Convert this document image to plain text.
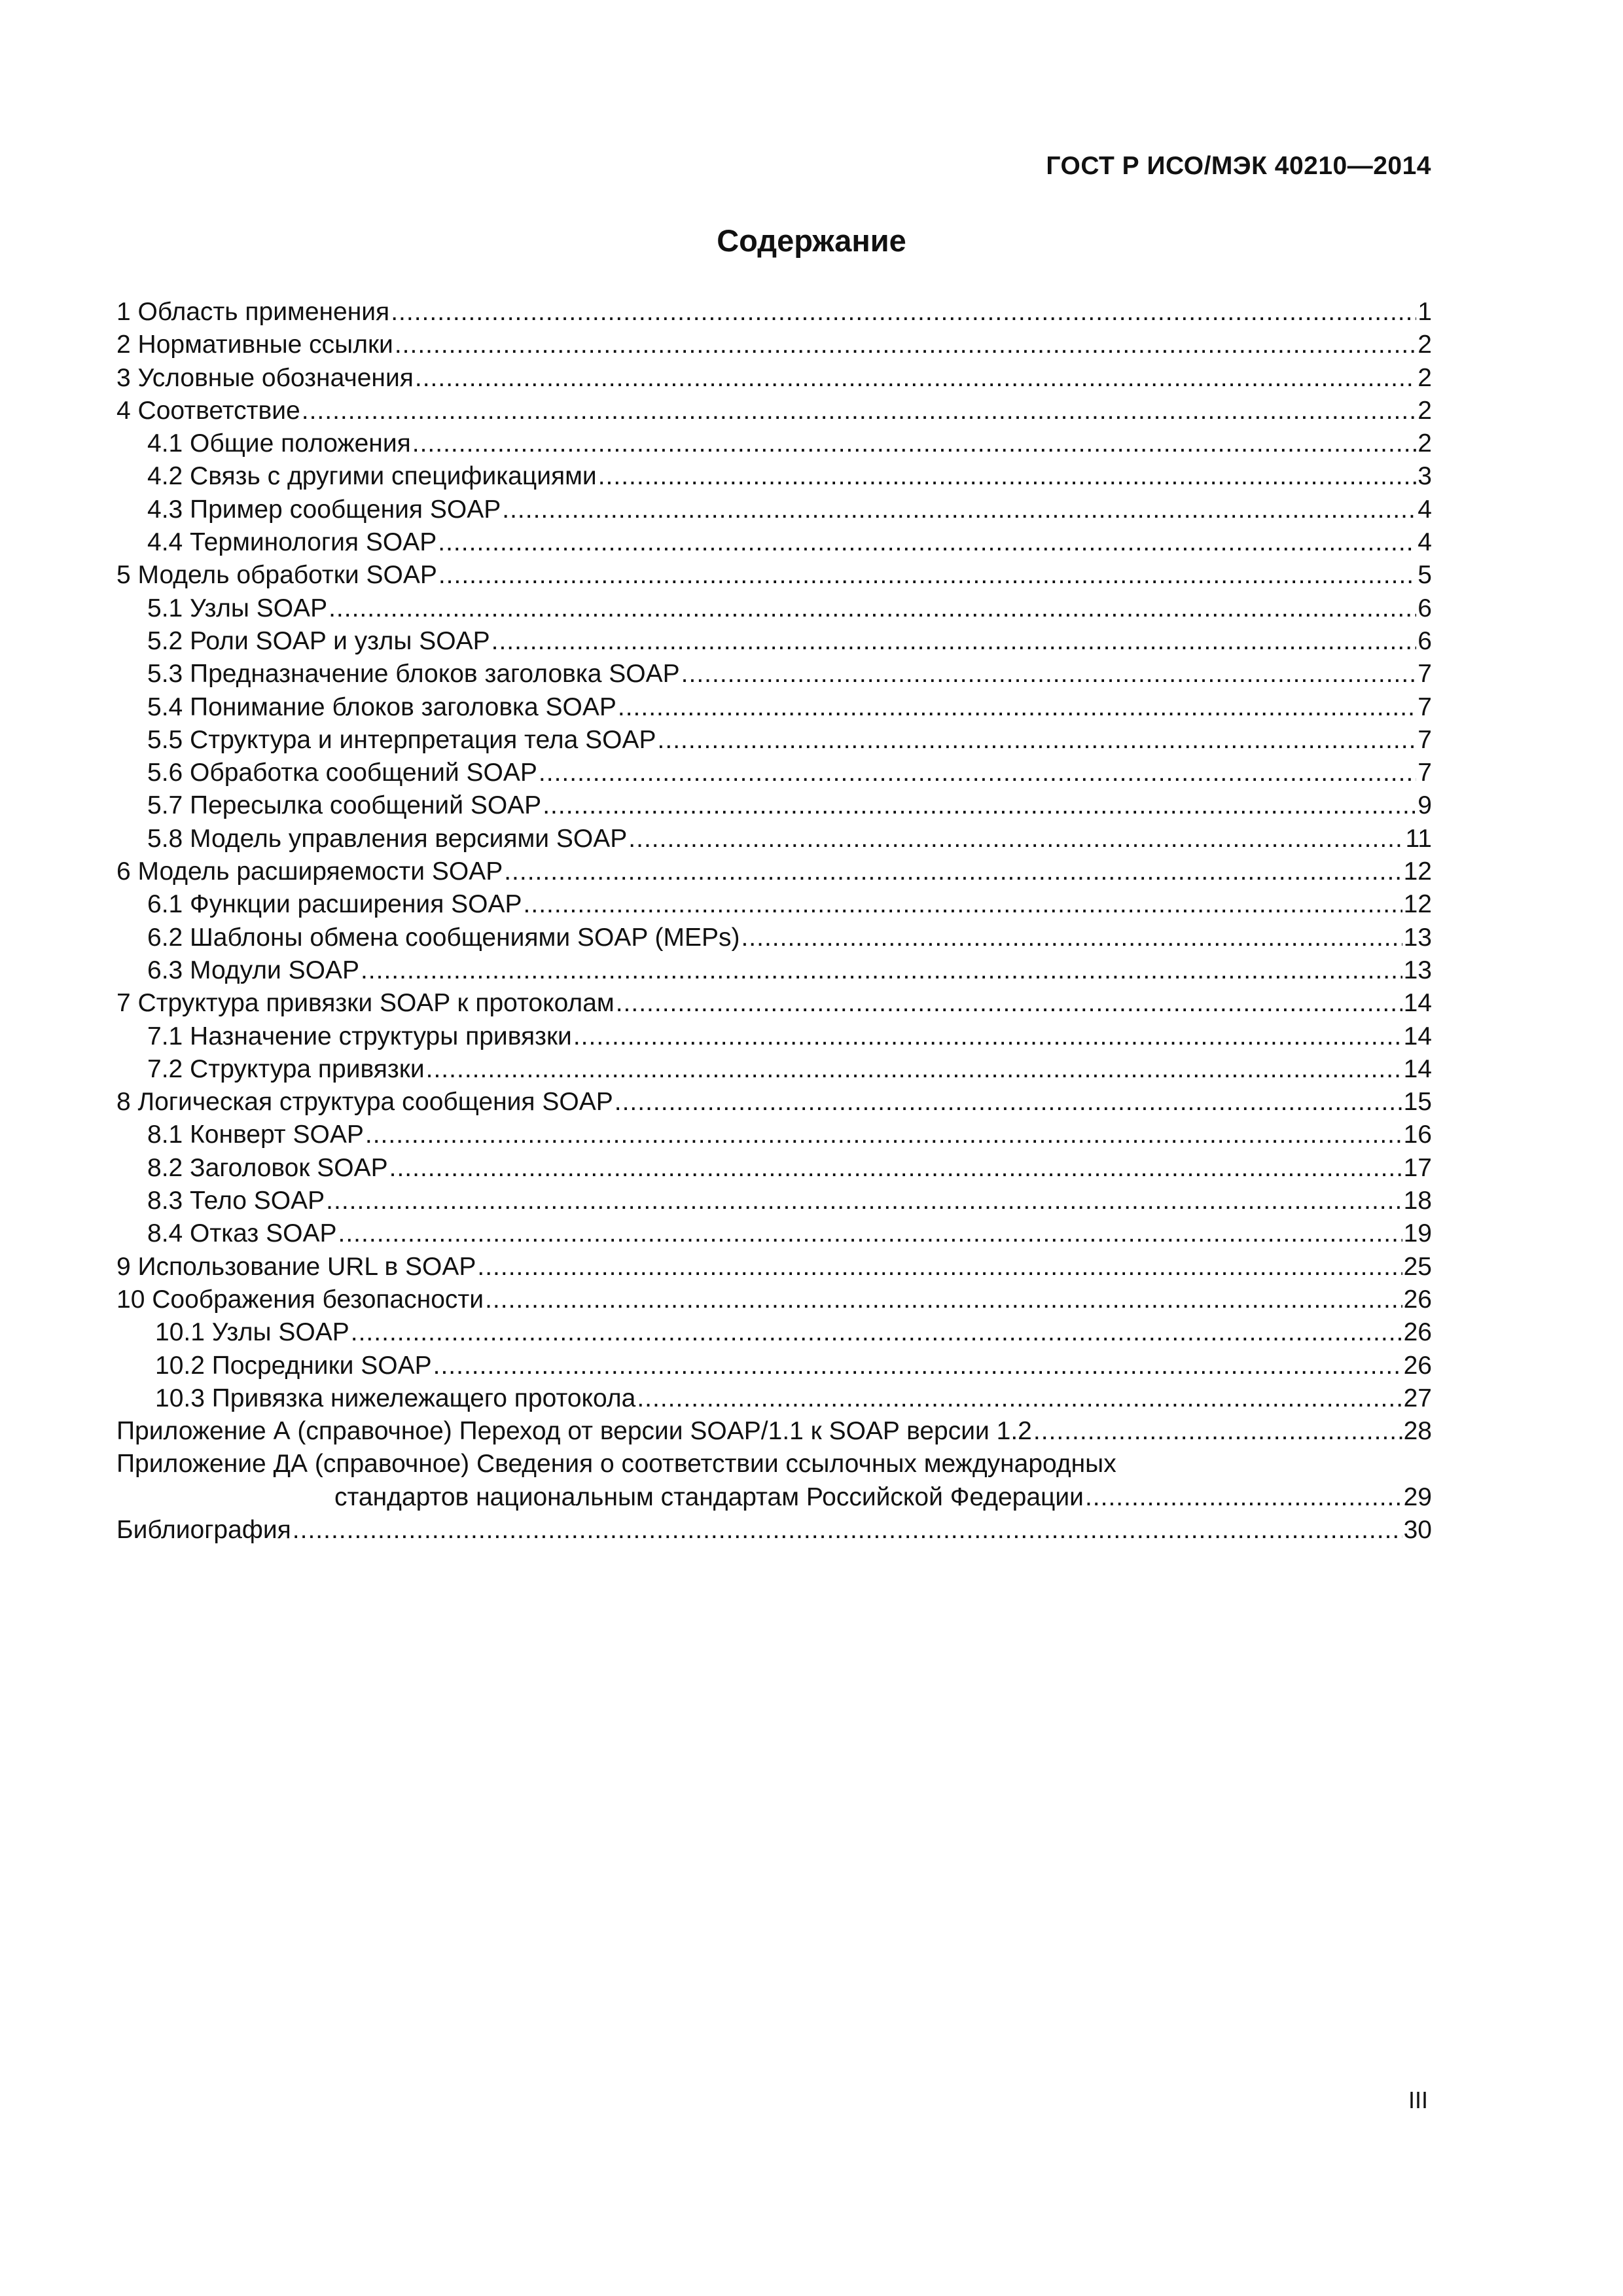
ГОСТ Р ИСО/МЭК 40210—2014
Содержание
1 Область применения .....	1
2 Нормативные ссылки .....	2
3 Условные обозначения .....	2
4 Соответствие .....	2
4.1 Общие положения .....	2
4.2 Связь с другими спецификациями .....	3
4.3 Пример сообщения SOAP .....	4
4.4 Терминология SOAP .....	4
5 Модель обработки SOAP .....	5
5.1 Узлы SOAP .....	6
5.2 Роли SOAP и узлы SOAP .....	6
5.3 Предназначение блоков заголовка SOAP .....	7
5.4 Понимание блоков заголовка SOAP .....	7
5.5 Структура и интерпретация тела SOAP .....	7
5.6 Обработка сообщений SOAP .....	7
5.7 Пересылка сообщений SOAP .....	9
5.8 Модель управления версиями SOAP .....	11
6 Модель расширяемости SOAP .....	12
6.1 Функции расширения SOAP .....	12
6.2 Шаблоны обмена сообщениями SOAP (MEPs) .....	13
6.3 Модули SOAP .....	13
7 Структура привязки SOAP к протоколам .....	14
7.1 Назначение структуры привязки .....	14
7.2 Структура привязки .....	14
8 Логическая структура сообщения SOAP .....	15
8.1 Конверт SOAP .....	16
8.2 Заголовок SOAP .....	17
8.3 Тело SOAP .....	18
8.4 Отказ SOAP .....	19
9 Использование URL в SOAP .....	25
10 Соображения безопасности .....	26
10.1 Узлы SOAP .....	26
10.2 Посредники SOAP .....	26
10.3 Привязка нижележащего протокола .....	27
Приложение А (справочное) Переход от версии SOAP/1.1 к SOAP версии 1.2 .....	28
Приложение ДА (справочное) Сведения о соответствии ссылочных международных
стандартов национальным стандартам Российской Федерации .....	29
Библиография .....	30
III
